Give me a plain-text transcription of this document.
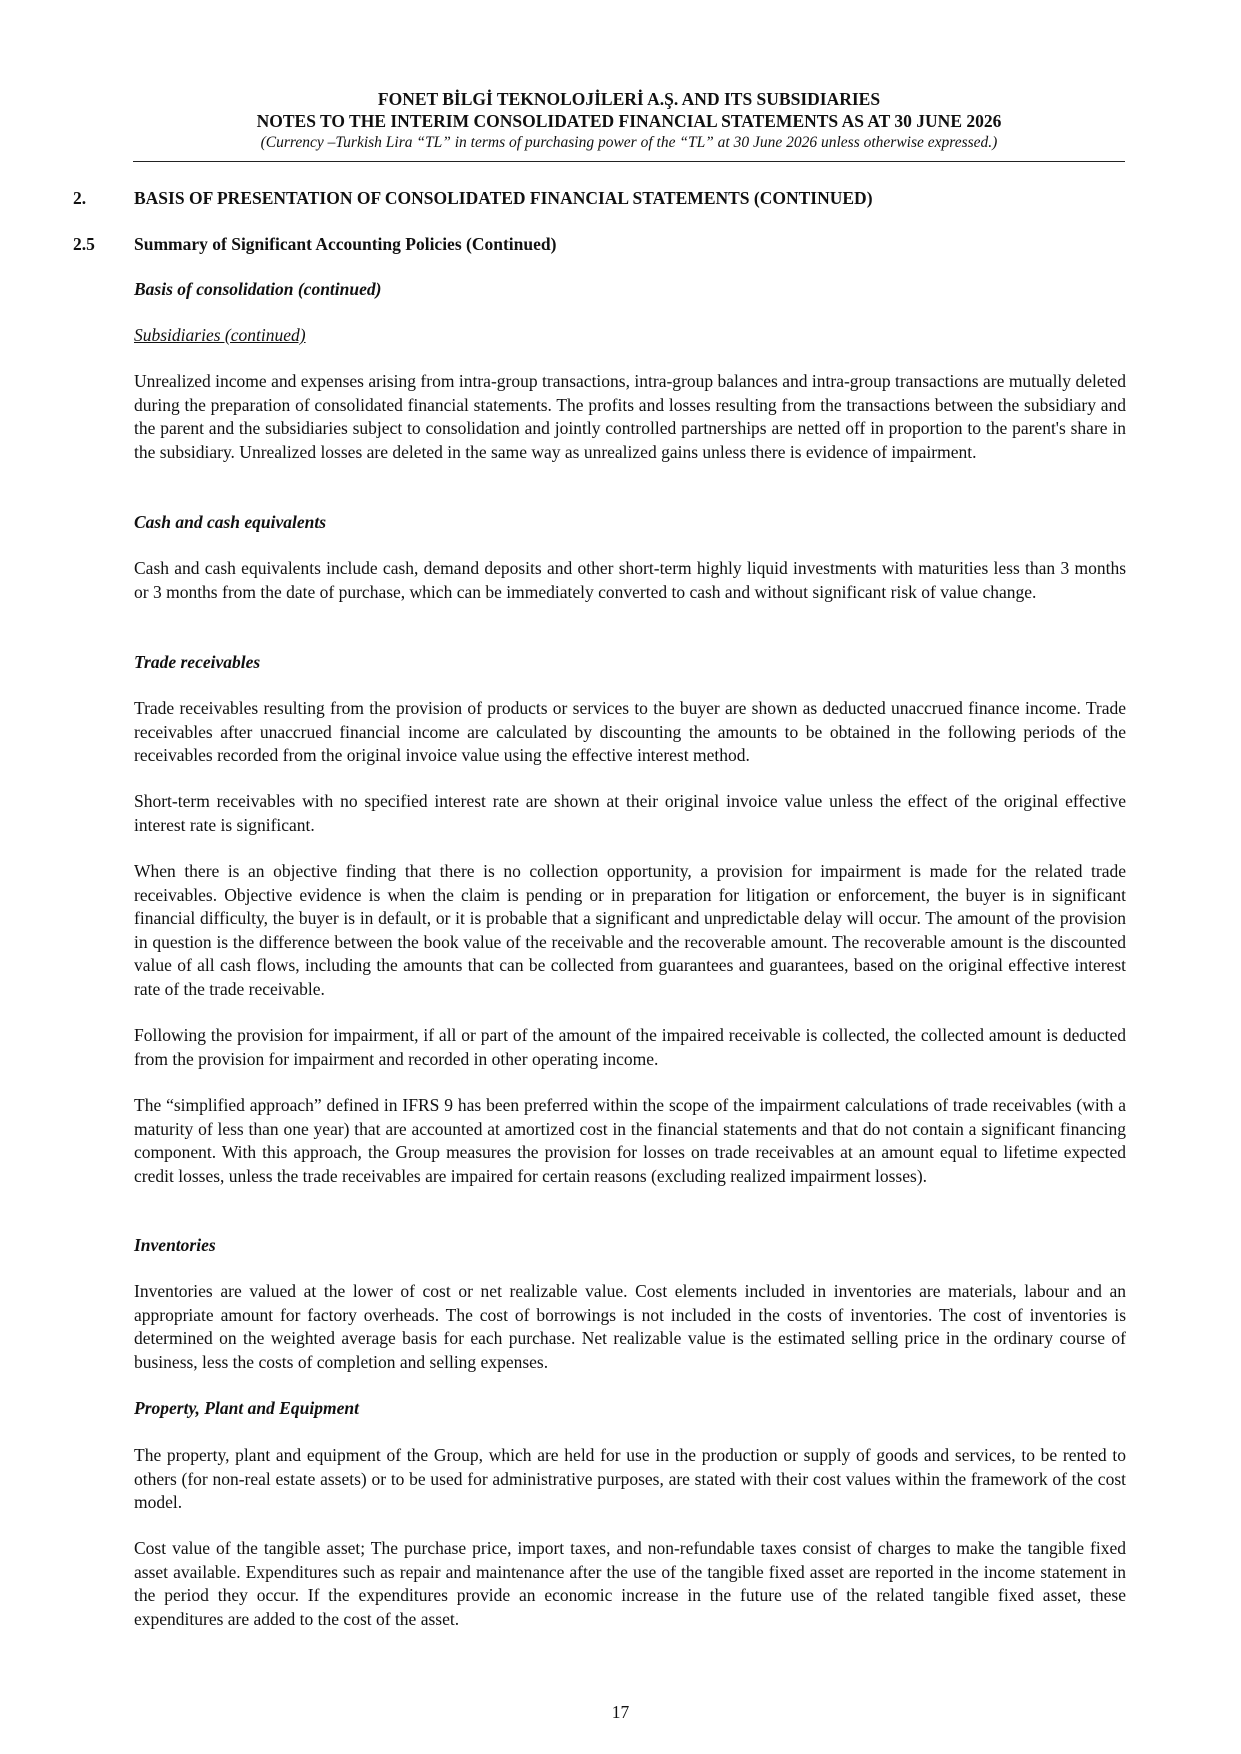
FONET BİLGİ TEKNOLOJİLERİ A.Ş. AND ITS SUBSIDIARIES
NOTES TO THE INTERIM CONSOLIDATED FINANCIAL STATEMENTS AS AT 30 JUNE 2026
(Currency –Turkish Lira “TL” in terms of purchasing power of the “TL” at 30 June 2026 unless otherwise expressed.)
2.	BASIS OF PRESENTATION OF CONSOLIDATED FINANCIAL STATEMENTS (CONTINUED)
2.5 Summary of Significant Accounting Policies (Continued)

Basis of consolidation (continued)

Subsidiaries (continued)

Unrealized income and expenses arising from intra-group transactions, intra-group balances and intra-group transactions are mutually deleted during the preparation of consolidated financial statements. The profits and losses resulting from the transactions between the subsidiary and the parent and the subsidiaries subject to consolidation and jointly controlled partnerships are netted off in proportion to the parent's share in the subsidiary. Unrealized losses are deleted in the same way as unrealized gains unless there is evidence of impairment.

Cash and cash equivalents

Cash and cash equivalents include cash, demand deposits and other short-term highly liquid investments with maturities less than 3 months or 3 months from the date of purchase, which can be immediately converted to cash and without significant risk of value change.

Trade receivables

Trade receivables resulting from the provision of products or services to the buyer are shown as deducted unaccrued finance income. Trade receivables after unaccrued financial income are calculated by discounting the amounts to be obtained in the following periods of the receivables recorded from the original invoice value using the effective interest method.

Short-term receivables with no specified interest rate are shown at their original invoice value unless the effect of the original effective interest rate is significant.

When there is an objective finding that there is no collection opportunity, a provision for impairment is made for the related trade receivables. Objective evidence is when the claim is pending or in preparation for litigation or enforcement, the buyer is in significant financial difficulty, the buyer is in default, or it is probable that a significant and unpredictable delay will occur. The amount of the provision in question is the difference between the book value of the receivable and the recoverable amount. The recoverable amount is the discounted value of all cash flows, including the amounts that can be collected from guarantees and guarantees, based on the original effective interest rate of the trade receivable.

Following the provision for impairment, if all or part of the amount of the impaired receivable is collected, the collected amount is deducted from the provision for impairment and recorded in other operating income.

The “simplified approach” defined in IFRS 9 has been preferred within the scope of the impairment calculations of trade receivables (with a maturity of less than one year) that are accounted at amortized cost in the financial statements and that do not contain a significant financing component. With this approach, the Group measures the provision for losses on trade receivables at an amount equal to lifetime expected credit losses, unless the trade receivables are impaired for certain reasons (excluding realized impairment losses).

Inventories

Inventories are valued at the lower of cost or net realizable value. Cost elements included in inventories are materials, labour and an appropriate amount for factory overheads. The cost of borrowings is not included in the costs of inventories. The cost of inventories is determined on the weighted average basis for each purchase. Net realizable value is the estimated selling price in the ordinary course of business, less the costs of completion and selling expenses.

Property, Plant and Equipment

The property, plant and equipment of the Group, which are held for use in the production or supply of goods and services, to be rented to others (for non-real estate assets) or to be used for administrative purposes, are stated with their cost values within the framework of the cost model.

Cost value of the tangible asset; The purchase price, import taxes, and non-refundable taxes consist of charges to make the tangible fixed asset available. Expenditures such as repair and maintenance after the use of the tangible fixed asset are reported in the income statement in the period they occur. If the expenditures provide an economic increase in the future use of the related tangible fixed asset, these expenditures are added to the cost of the asset.

17
